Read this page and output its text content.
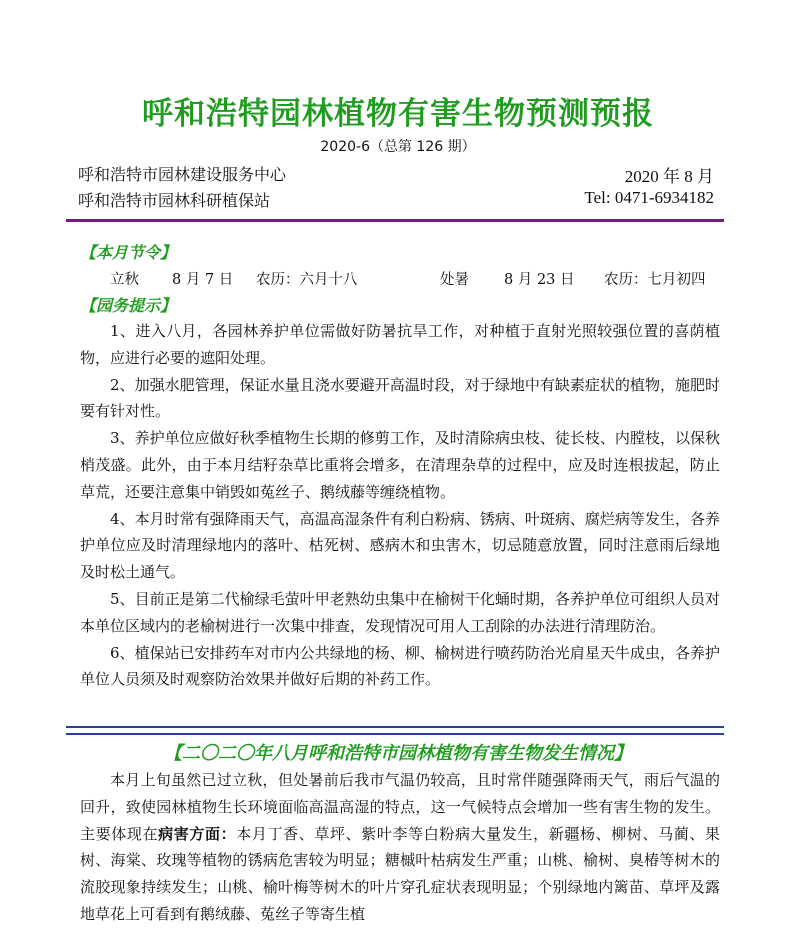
呼和浩特园林植物有害生物预测预报
2020-6（总第 126 期）
呼和浩特市园林建设服务中心	2020 年 8 月
呼和浩特市园林科研植保站	Tel: 0471-6934182
【本月节令】
立秋 8 月 7 日 农历：六月十八	处暑 8 月 23 日 农历：七月初四
【园务提示】

1、进入八月，各园林养护单位需做好防暑抗旱工作，对种植于直射光照较强位置的喜荫植物，应进行必要的遮阳处理。

2、加强水肥管理，保证水量且浇水要避开高温时段，对于绿地中有缺素症状的植物，施肥时要有针对性。

3、养护单位应做好秋季植物生长期的修剪工作，及时清除病虫枝、徒长枝、内膛枝，以保秋梢茂盛。此外，由于本月结籽杂草比重将会增多，在清理杂草的过程中，应及时连根拔起，防止草荒，还要注意集中销毁如菟丝子、鹅绒藤等缠绕植物。

4、本月时常有强降雨天气，高温高湿条件有利白粉病、锈病、叶斑病、腐烂病等发生，各养护单位应及时清理绿地内的落叶、枯死树、感病木和虫害木，切忌随意放置，同时注意雨后绿地及时松土通气。

5、目前正是第二代榆绿毛萤叶甲老熟幼虫集中在榆树干化蛹时期，各养护单位可组织人员对本单位区域内的老榆树进行一次集中排查，发现情况可用人工刮除的办法进行清理防治。

6、植保站已安排药车对市内公共绿地的杨、柳、榆树进行喷药防治光肩星天牛成虫，各养护单位人员须及时观察防治效果并做好后期的补药工作。

【二〇二〇年八月呼和浩特市园林植物有害生物发生情况】

本月上旬虽然已过立秋，但处暑前后我市气温仍较高，且时常伴随强降雨天气，雨后气温的回升，致使园林植物生长环境面临高温高湿的特点，这一气候特点会增加一些有害生物的发生。主要体现在病害方面：本月丁香、草坪、紫叶李等白粉病大量发生，新疆杨、柳树、马蔺、果树、海棠、玫瑰等植物的锈病危害较为明显；糖槭叶枯病发生严重；山桃、榆树、臭椿等树木的流胶现象持续发生；山桃、榆叶梅等树木的叶片穿孔症状表现明显；个别绿地内篱苗、草坪及露地草花上可看到有鹅绒藤、菟丝子等寄生植
